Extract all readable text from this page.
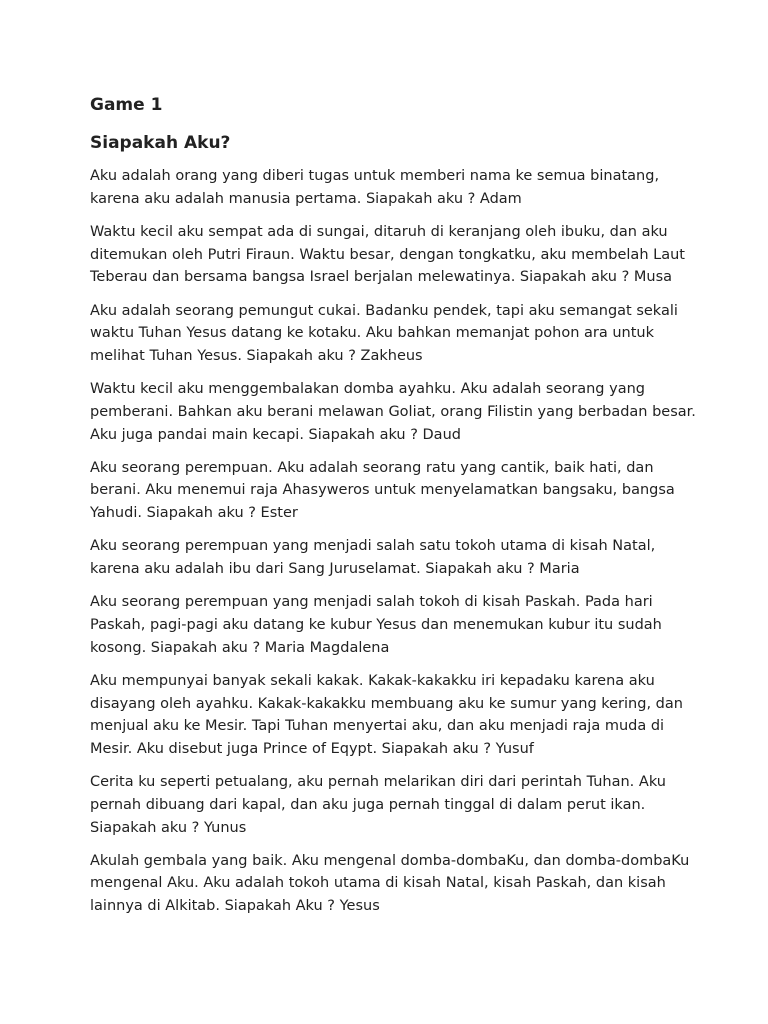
Game 1
Siapakah Aku?
Aku adalah orang yang diberi tugas untuk memberi nama ke semua binatang,
karena aku adalah manusia pertama. Siapakah aku ? Adam
Waktu kecil aku sempat ada di sungai, ditaruh di keranjang oleh ibuku, dan aku
ditemukan oleh Putri Firaun. Waktu besar, dengan tongkatku, aku membelah Laut
Teberau dan bersama bangsa Israel berjalan melewatinya. Siapakah aku ? Musa
Aku adalah seorang pemungut cukai. Badanku pendek, tapi aku semangat sekali
waktu Tuhan Yesus datang ke kotaku. Aku bahkan memanjat pohon ara untuk
melihat Tuhan Yesus. Siapakah aku ? Zakheus
Waktu kecil aku menggembalakan domba ayahku. Aku adalah seorang yang
pemberani. Bahkan aku berani melawan Goliat, orang Filistin yang berbadan besar.
Aku juga pandai main kecapi. Siapakah aku ? Daud
Aku seorang perempuan. Aku adalah seorang ratu yang cantik, baik hati, dan
berani. Aku menemui raja Ahasyweros untuk menyelamatkan bangsaku, bangsa
Yahudi. Siapakah aku ? Ester
Aku seorang perempuan yang menjadi salah satu tokoh utama di kisah Natal,
karena aku adalah ibu dari Sang Juruselamat. Siapakah aku ? Maria
Aku seorang perempuan yang menjadi salah tokoh di kisah Paskah. Pada hari
Paskah, pagi-pagi aku datang ke kubur Yesus dan menemukan kubur itu sudah
kosong. Siapakah aku ? Maria Magdalena
Aku mempunyai banyak sekali kakak. Kakak-kakakku iri kepadaku karena aku
disayang oleh ayahku. Kakak-kakakku membuang aku ke sumur yang kering, dan
menjual aku ke Mesir. Tapi Tuhan menyertai aku, dan aku menjadi raja muda di
Mesir. Aku disebut juga Prince of Eqypt. Siapakah aku ? Yusuf
Cerita ku seperti petualang, aku pernah melarikan diri dari perintah Tuhan. Aku
pernah dibuang dari kapal, dan aku juga pernah tinggal di dalam perut ikan.
Siapakah aku ? Yunus
Akulah gembala yang baik. Aku mengenal domba-dombaKu, dan domba-dombaKu
mengenal Aku. Aku adalah tokoh utama di kisah Natal, kisah Paskah, dan kisah
lainnya di Alkitab. Siapakah Aku ? Yesus
